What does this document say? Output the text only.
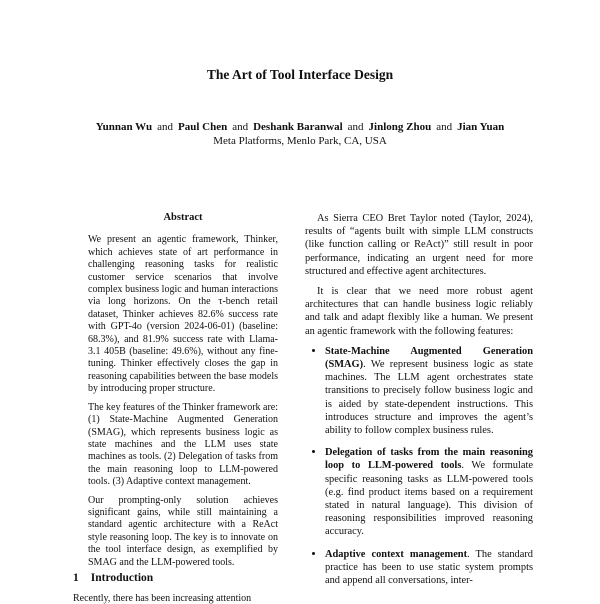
The Art of Tool Interface Design
Yunnan Wu and Paul Chen and Deshank Baranwal and Jinlong Zhou and Jian Yuan
Meta Platforms, Menlo Park, CA, USA
Abstract

We present an agentic framework, Thinker, which achieves state of art performance in challenging reasoning tasks for realistic customer service scenarios that involve complex business logic and human interactions via long horizons. On the τ-bench retail dataset, Thinker achieves 82.6% success rate with GPT-4o (version 2024-06-01) (baseline: 68.3%), and 81.9% success rate with Llama-3.1 405B (baseline: 49.6%), without any fine-tuning. Thinker effectively closes the gap in reasoning capabilities between the base models by introducing proper structure.

The key features of the Thinker framework are: (1) State-Machine Augmented Generation (SMAG), which represents business logic as state machines and the LLM uses state machines as tools. (2) Delegation of tasks from the main reasoning loop to LLM-powered tools. (3) Adaptive context management.

Our prompting-only solution achieves significant gains, while still maintaining a standard agentic architecture with a ReAct style reasoning loop. The key is to innovate on the tool interface design, as exemplified by SMAG and the LLM-powered tools.

1 Introduction
Recently, there has been increasing attention

As Sierra CEO Bret Taylor noted (Taylor, 2024), results of “agents built with simple LLM constructs (like function calling or ReAct)” still result in poor performance, indicating an urgent need for more structured and effective agent architectures.

It is clear that we need more robust agent architectures that can handle business logic reliably and talk and adapt flexibly like a human. We present an agentic framework with the following features:

• State-Machine Augmented Generation (SMAG). We represent business logic as state machines. The LLM agent orchestrates state transitions to precisely follow business logic and is aided by state-dependent instructions. This introduces structure and improves the agent’s ability to follow complex business rules.
• Delegation of tasks from the main reasoning loop to LLM-powered tools. We formulate specific reasoning tasks as LLM-powered tools (e.g. find product items based on a requirement stated in natural language). This division of reasoning responsibilities improved reasoning accuracy.
• Adaptive context management. The standard practice has been to use static system prompts and append all conversations, inter-
